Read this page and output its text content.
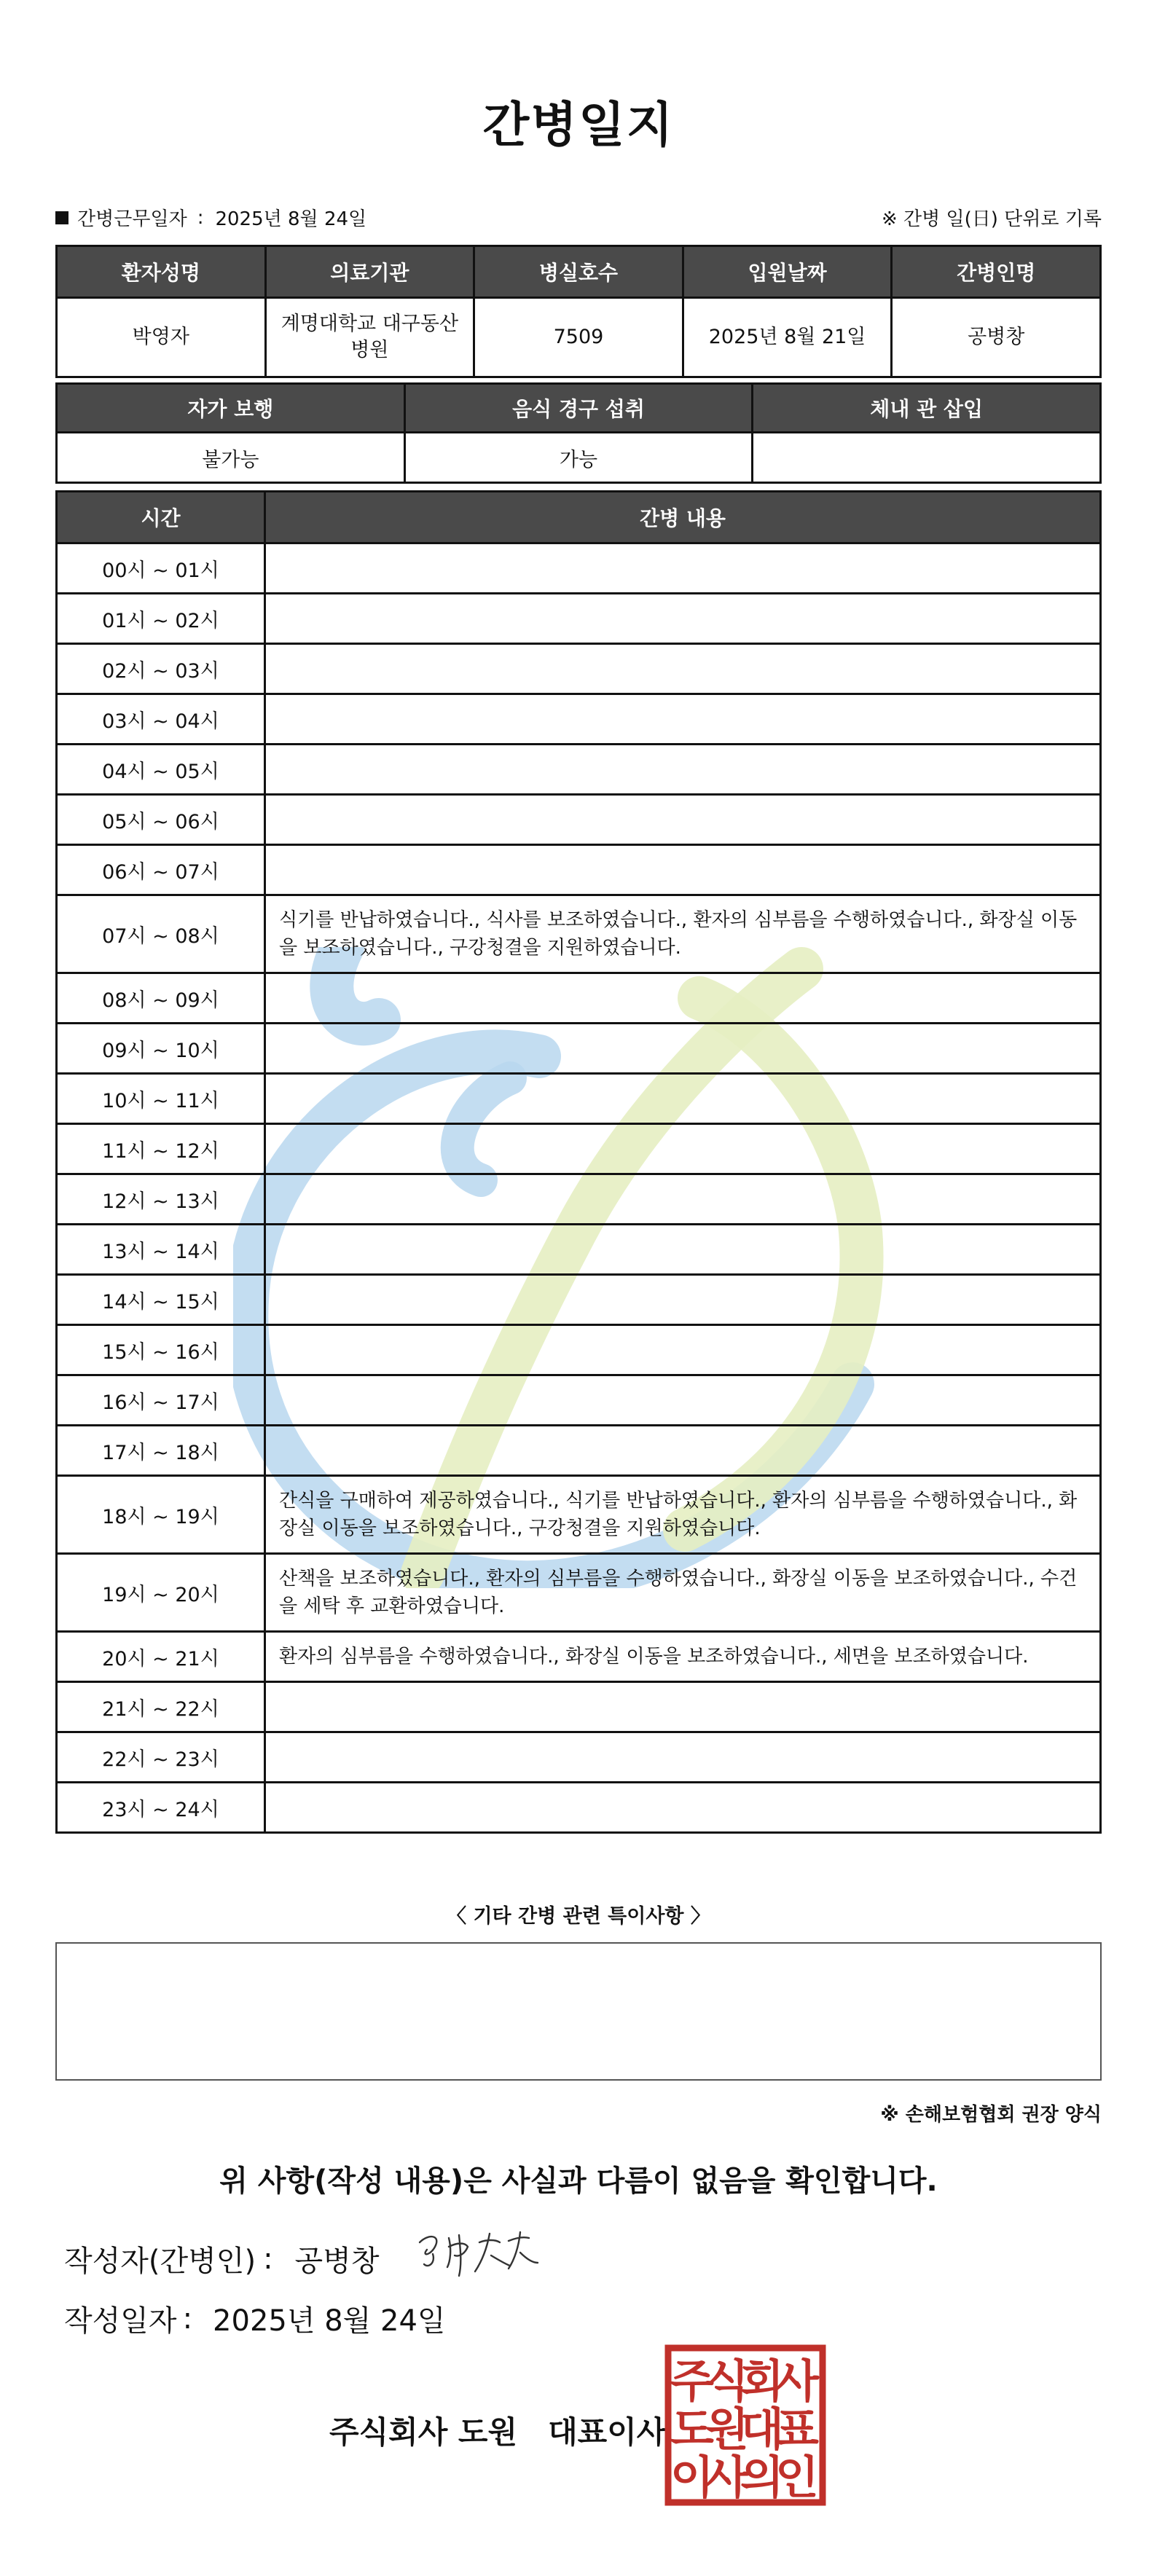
간병일지
간병근무일자 : 2025년 8월 24일	※ 간병 일(日) 단위로 기록
환자성명	의료기관	병실호수	입원날짜	간병인명
박영자	계명대학교 대구동산병원	7509	2025년 8월 21일	공병창
자가 보행	음식 경구 섭취	체내 관 삽입
불가능	가능	
시간	간병 내용
00시 ~ 01시	
01시 ~ 02시	
02시 ~ 03시	
03시 ~ 04시	
04시 ~ 05시	
05시 ~ 06시	
06시 ~ 07시	
07시 ~ 08시	식기를 반납하였습니다., 식사를 보조하였습니다., 환자의 심부름을 수행하였습니다., 화장실 이동을 보조하였습니다., 구강청결을 지원하였습니다.
08시 ~ 09시	
09시 ~ 10시	
10시 ~ 11시	
11시 ~ 12시	
12시 ~ 13시	
13시 ~ 14시	
14시 ~ 15시	
15시 ~ 16시	
16시 ~ 17시	
17시 ~ 18시	
18시 ~ 19시	간식을 구매하여 제공하였습니다., 식기를 반납하였습니다., 환자의 심부름을 수행하였습니다., 화장실 이동을 보조하였습니다., 구강청결을 지원하였습니다.
19시 ~ 20시	산책을 보조하였습니다., 환자의 심부름을 수행하였습니다., 화장실 이동을 보조하였습니다., 수건을 세탁 후 교환하였습니다.
20시 ~ 21시	환자의 심부름을 수행하였습니다., 화장실 이동을 보조하였습니다., 세면을 보조하였습니다.
21시 ~ 22시	
22시 ~ 23시	
23시 ~ 24시	
〈 기타 간병 관련 특이사항 〉
※ 손해보험협회 권장 양식
위 사항(작성 내용)은 사실과 다름이 없음을 확인합니다.
작성자(간병인) : 공병창
작성일자 : 2025년 8월 24일
주식회사 도원 대표이사
주
식
회
사
도
원
대
표
이
사
의
인
